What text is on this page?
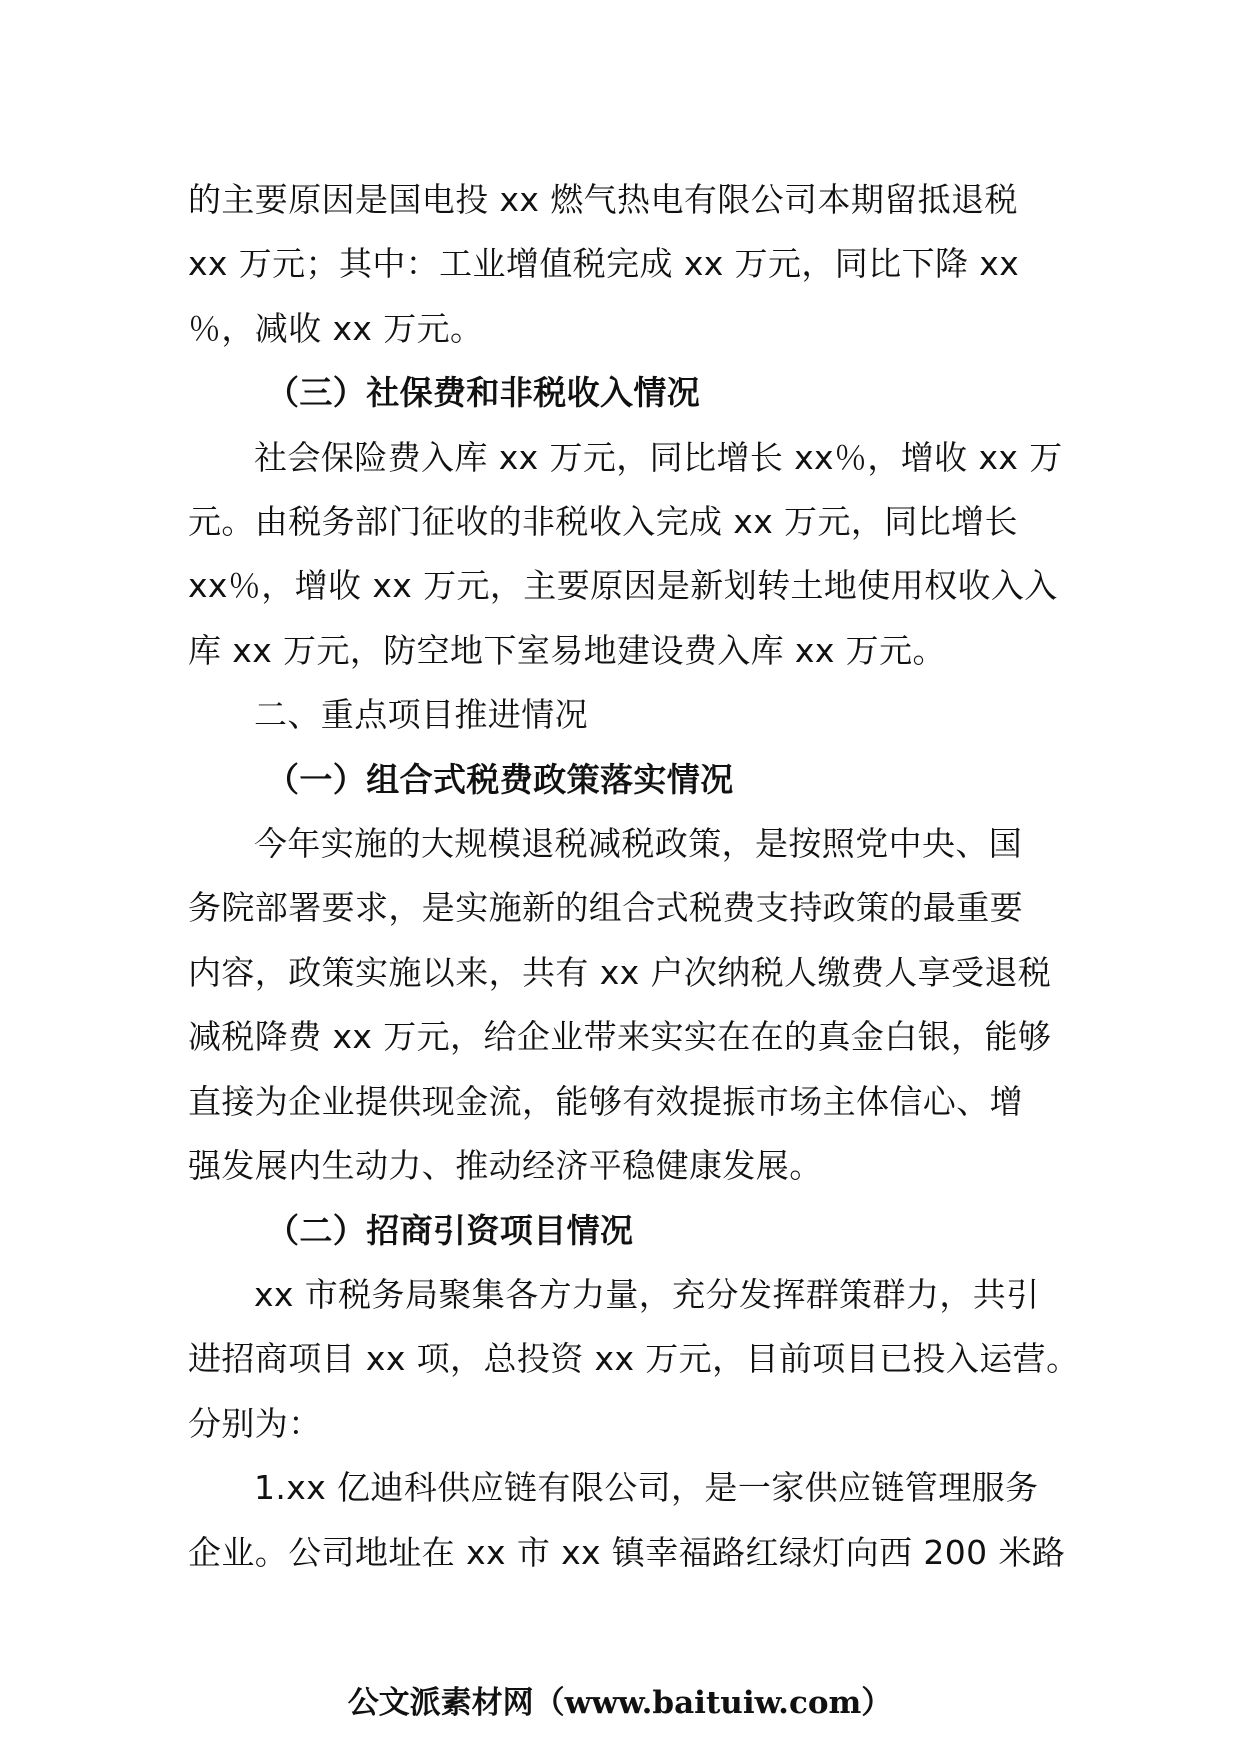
的主要原因是国电投 xx 燃气热电有限公司本期留抵退税
xx 万元；其中：工业增值税完成 xx 万元，同比下降 xx
％，减收 xx 万元。
（三）社保费和非税收入情况
社会保险费入库 xx 万元，同比增长 xx％，增收 xx 万
元。由税务部门征收的非税收入完成 xx 万元，同比增长
xx％，增收 xx 万元，主要原因是新划转土地使用权收入入
库 xx 万元，防空地下室易地建设费入库 xx 万元。
二、重点项目推进情况
（一）组合式税费政策落实情况
今年实施的大规模退税减税政策，是按照党中央、国
务院部署要求，是实施新的组合式税费支持政策的最重要
内容，政策实施以来，共有 xx 户次纳税人缴费人享受退税
减税降费 xx 万元，给企业带来实实在在的真金白银，能够
直接为企业提供现金流，能够有效提振市场主体信心、增
强发展内生动力、推动经济平稳健康发展。
（二）招商引资项目情况
xx 市税务局聚集各方力量，充分发挥群策群力，共引
进招商项目 xx 项，总投资 xx 万元，目前项目已投入运营。
分别为：
1.xx 亿迪科供应链有限公司，是一家供应链管理服务
企业。公司地址在 xx 市 xx 镇幸福路红绿灯向西 200 米路
公文派素材网（www.baituiw.com）
